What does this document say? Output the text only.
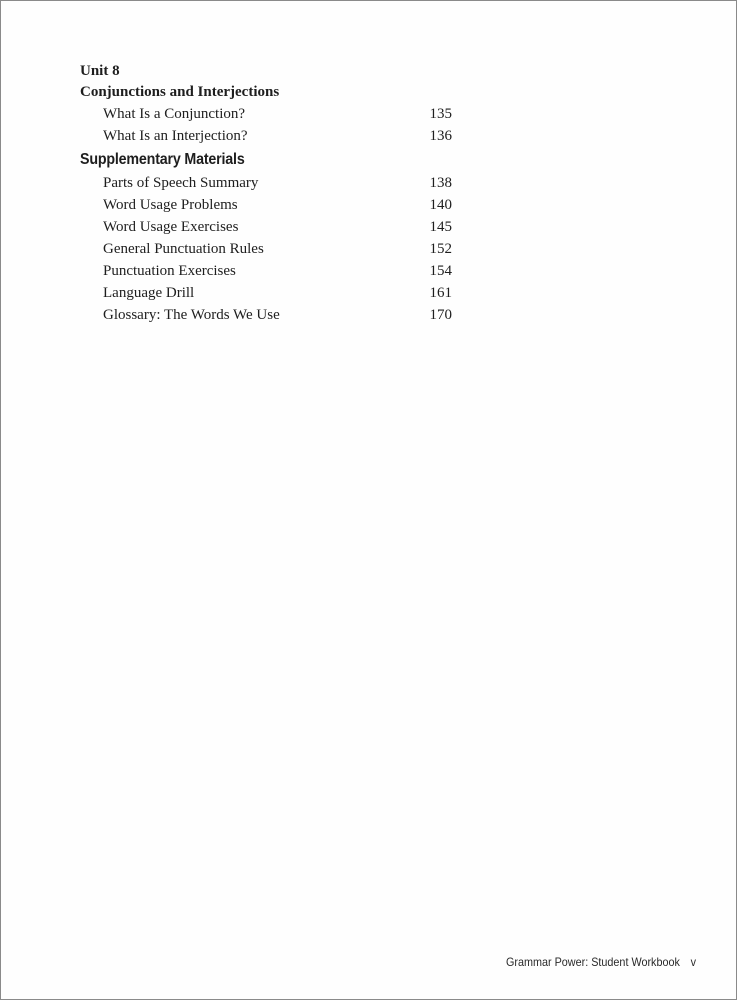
Unit 8
Conjunctions and Interjections
What Is a Conjunction?	135
What Is an Interjection?	136
Supplementary Materials
Parts of Speech Summary	138
Word Usage Problems	140
Word Usage Exercises	145
General Punctuation Rules	152
Punctuation Exercises	154
Language Drill	161
Glossary: The Words We Use	170
Grammar Power: Student Workbook v
